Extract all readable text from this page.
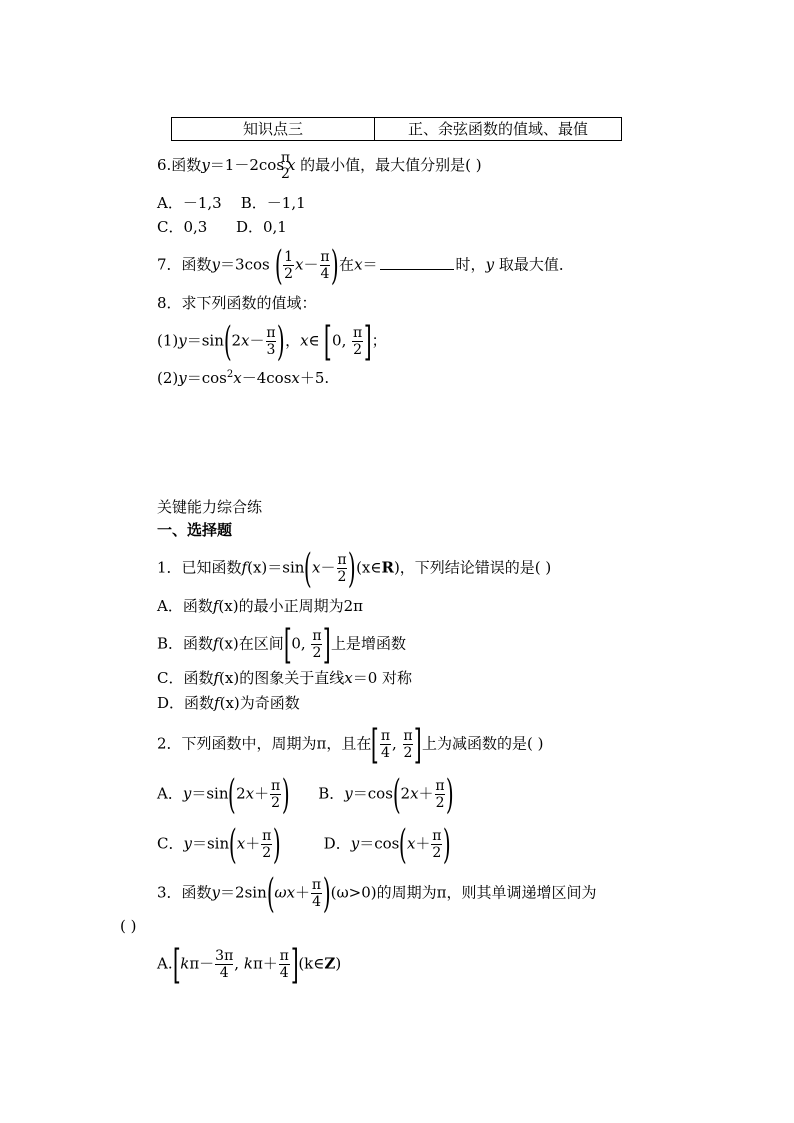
知识点三	正、余弦函数的值域、最值
6.函数y＝1－2cos
π
2
x 的最小值，最大值分别是( )
A．－1,3 B．－1,1
C．0,3 D．0,1
7．函数y＝3cos ( $\frac{1}{2} x- \frac{\pi}{4}$ )在x＝	时，y 取最大值．
8．求下列函数的值域：
$(1)y=\sin(2x- \frac{\pi}{3}$ )，x∈ [0, $\frac{\pi}{2}$ ]；
$(2)y=\cos^2x-4\cos x+5$.
关键能力综合练
一、选择题
1．已知函数$f(x)=\sin(x- \frac{\pi}{2}$ )(x∈R)，下列结论错误的是( )
A．函数f(x)的最小正周期为2π
B．函数f(x)在区间[0, $\frac{\pi}{2}$ ]上是增函数
C．函数f(x)的图象关于直线x＝0 对称
D．函数f(x)为奇函数
2．下列函数中，周期为π，且在[ $\frac{\pi}{4}$ , $\frac{\pi}{2}$ ]上为减函数的是( )
A．$y=\sin(2x+ \frac{\pi}{2}$ ) B．$y=\cos(2x+ \frac{\pi}{2}$ )
C．$y=\sin(x+ \frac{\pi}{2}$ )	D．$y=\cos(x+ \frac{\pi}{2}$ )
3．函数$y=2\sin(\omega x+ \frac{\pi}{4} )(\omega>0)$的周期为π，则其单调递增区间为
( )
$A.[k\pi- \frac{3\pi}{4}$ , $k\pi+ \frac{\pi}{4}$ ](k∈Z)
